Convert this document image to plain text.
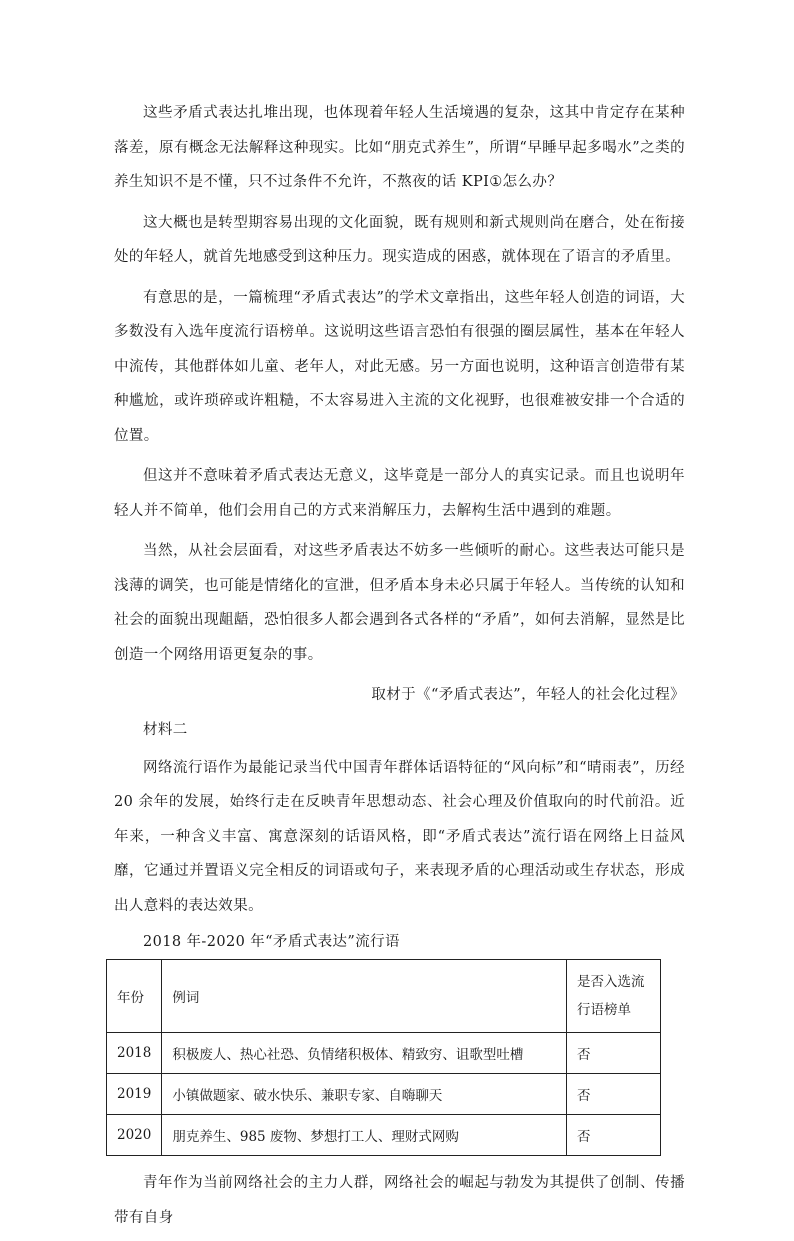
这些矛盾式表达扎堆出现，也体现着年轻人生活境遇的复杂，这其中肯定存在某种落差，原有概念无法解释这种现实。比如“朋克式养生”，所谓“早睡早起多喝水”之类的养生知识不是不懂，只不过条件不允许，不熬夜的话 KPI①怎么办？

这大概也是转型期容易出现的文化面貌，既有规则和新式规则尚在磨合，处在衔接处的年轻人，就首先地感受到这种压力。现实造成的困惑，就体现在了语言的矛盾里。

有意思的是，一篇梳理“矛盾式表达”的学术文章指出，这些年轻人创造的词语，大多数没有入选年度流行语榜单。这说明这些语言恐怕有很强的圈层属性，基本在年轻人中流传，其他群体如儿童、老年人，对此无感。另一方面也说明，这种语言创造带有某种尴尬，或许琐碎或许粗糙，不太容易进入主流的文化视野，也很难被安排一个合适的位置。

但这并不意味着矛盾式表达无意义，这毕竟是一部分人的真实记录。而且也说明年轻人并不简单，他们会用自己的方式来消解压力，去解构生活中遇到的难题。

当然，从社会层面看，对这些矛盾表达不妨多一些倾听的耐心。这些表达可能只是浅薄的调笑，也可能是情绪化的宣泄，但矛盾本身未必只属于年轻人。当传统的认知和社会的面貌出现龃龉，恐怕很多人都会遇到各式各样的“矛盾”，如何去消解，显然是比创造一个网络用语更复杂的事。

取材于《“矛盾式表达”，年轻人的社会化过程》

材料二

网络流行语作为最能记录当代中国青年群体话语特征的“风向标”和“晴雨表”，历经 20 余年的发展，始终行走在反映青年思想动态、社会心理及价值取向的时代前沿。近年来，一种含义丰富、寓意深刻的话语风格，即“矛盾式表达”流行语在网络上日益风靡，它通过并置语义完全相反的词语或句子，来表现矛盾的心理活动或生存状态，形成出人意料的表达效果。

2018 年-2020 年“矛盾式表达”流行语

年份	例词	是否入选流行语榜单
2018	积极废人、热心社恐、负情绪积极体、精致穷、诅歌型吐槽	否
2019	小镇做题家、破水快乐、兼职专家、自嗨聊天	否
2020	朋克养生、985 废物、梦想打工人、理财式网购	否

青年作为当前网络社会的主力人群，网络社会的崛起与勃发为其提供了创制、传播带有自身
